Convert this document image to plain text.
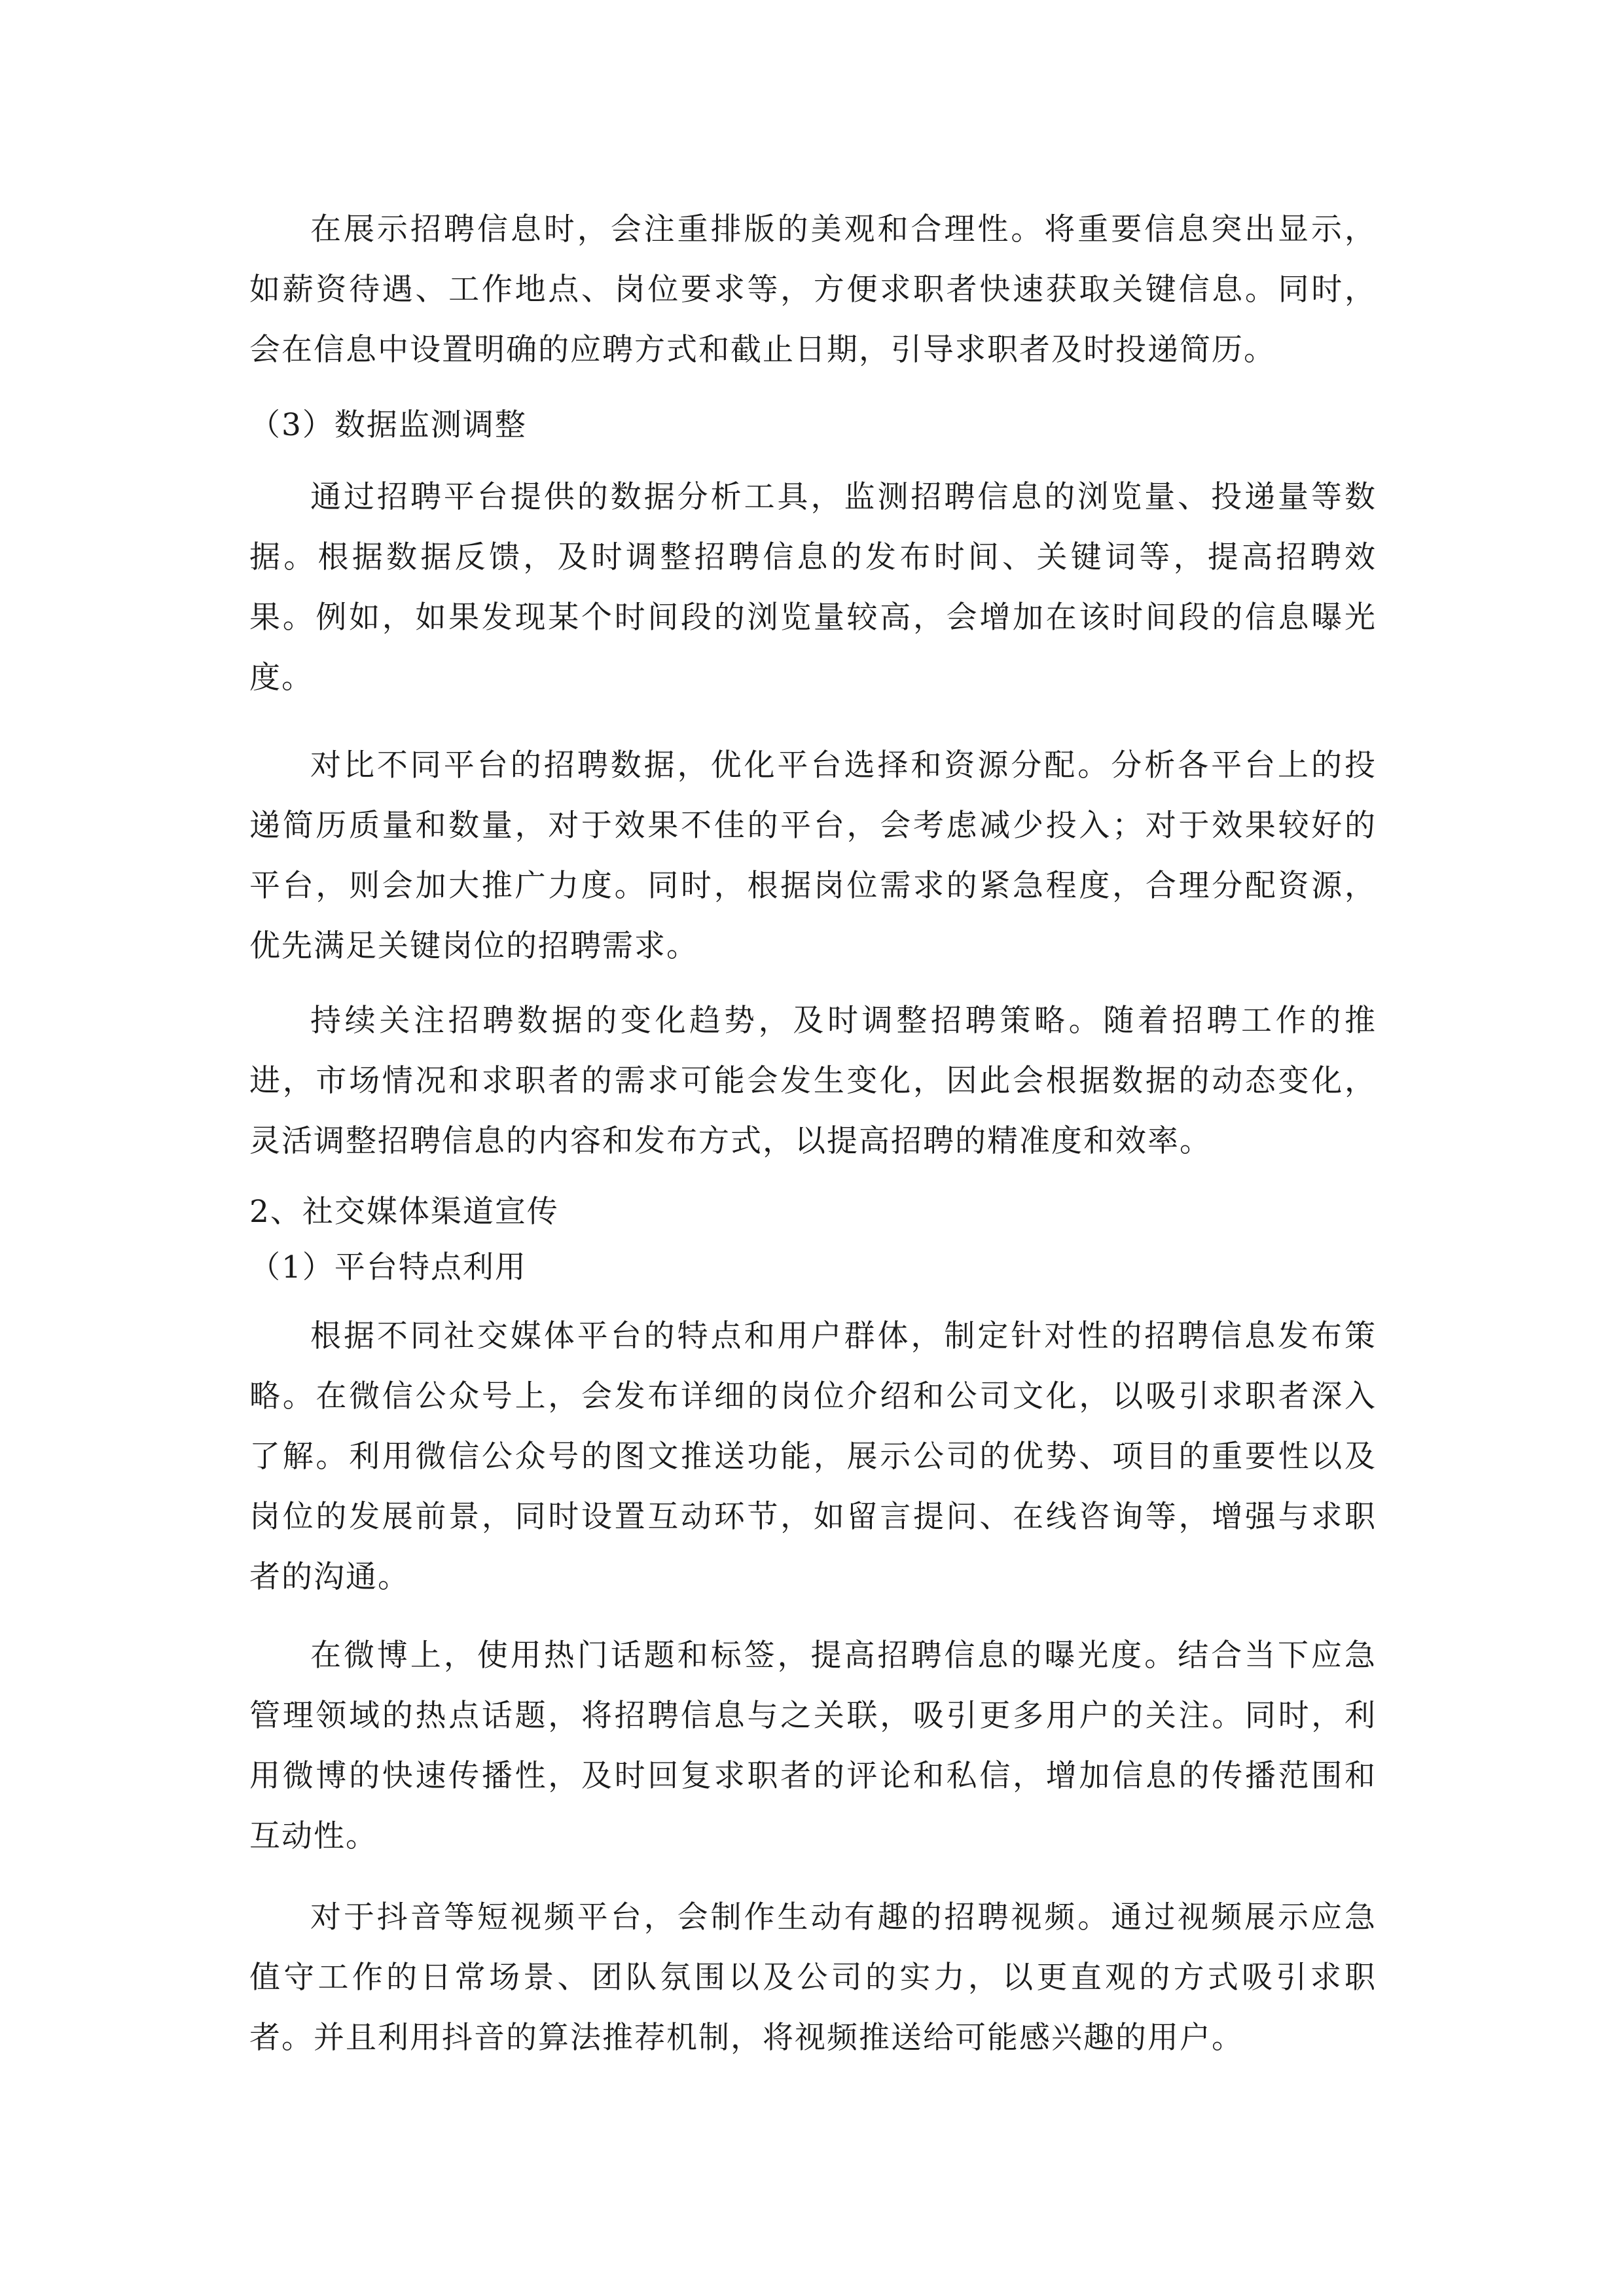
在展示招聘信息时，会注重排版的美观和合理性。将重要信息突出显示，
如薪资待遇、工作地点、岗位要求等，方便求职者快速获取关键信息。同时，
会在信息中设置明确的应聘方式和截止日期，引导求职者及时投递简历。
（3）数据监测调整
通过招聘平台提供的数据分析工具，监测招聘信息的浏览量、投递量等数
据。根据数据反馈，及时调整招聘信息的发布时间、关键词等，提高招聘效
果。例如，如果发现某个时间段的浏览量较高，会增加在该时间段的信息曝光
度。
对比不同平台的招聘数据，优化平台选择和资源分配。分析各平台上的投
递简历质量和数量，对于效果不佳的平台，会考虑减少投入；对于效果较好的
平台，则会加大推广力度。同时，根据岗位需求的紧急程度，合理分配资源，
优先满足关键岗位的招聘需求。
持续关注招聘数据的变化趋势，及时调整招聘策略。随着招聘工作的推
进，市场情况和求职者的需求可能会发生变化，因此会根据数据的动态变化，
灵活调整招聘信息的内容和发布方式，以提高招聘的精准度和效率。
2、社交媒体渠道宣传
（1）平台特点利用
根据不同社交媒体平台的特点和用户群体，制定针对性的招聘信息发布策
略。在微信公众号上，会发布详细的岗位介绍和公司文化，以吸引求职者深入
了解。利用微信公众号的图文推送功能，展示公司的优势、项目的重要性以及
岗位的发展前景，同时设置互动环节，如留言提问、在线咨询等，增强与求职
者的沟通。
在微博上，使用热门话题和标签，提高招聘信息的曝光度。结合当下应急
管理领域的热点话题，将招聘信息与之关联，吸引更多用户的关注。同时，利
用微博的快速传播性，及时回复求职者的评论和私信，增加信息的传播范围和
互动性。
对于抖音等短视频平台，会制作生动有趣的招聘视频。通过视频展示应急
值守工作的日常场景、团队氛围以及公司的实力，以更直观的方式吸引求职
者。并且利用抖音的算法推荐机制，将视频推送给可能感兴趣的用户。
